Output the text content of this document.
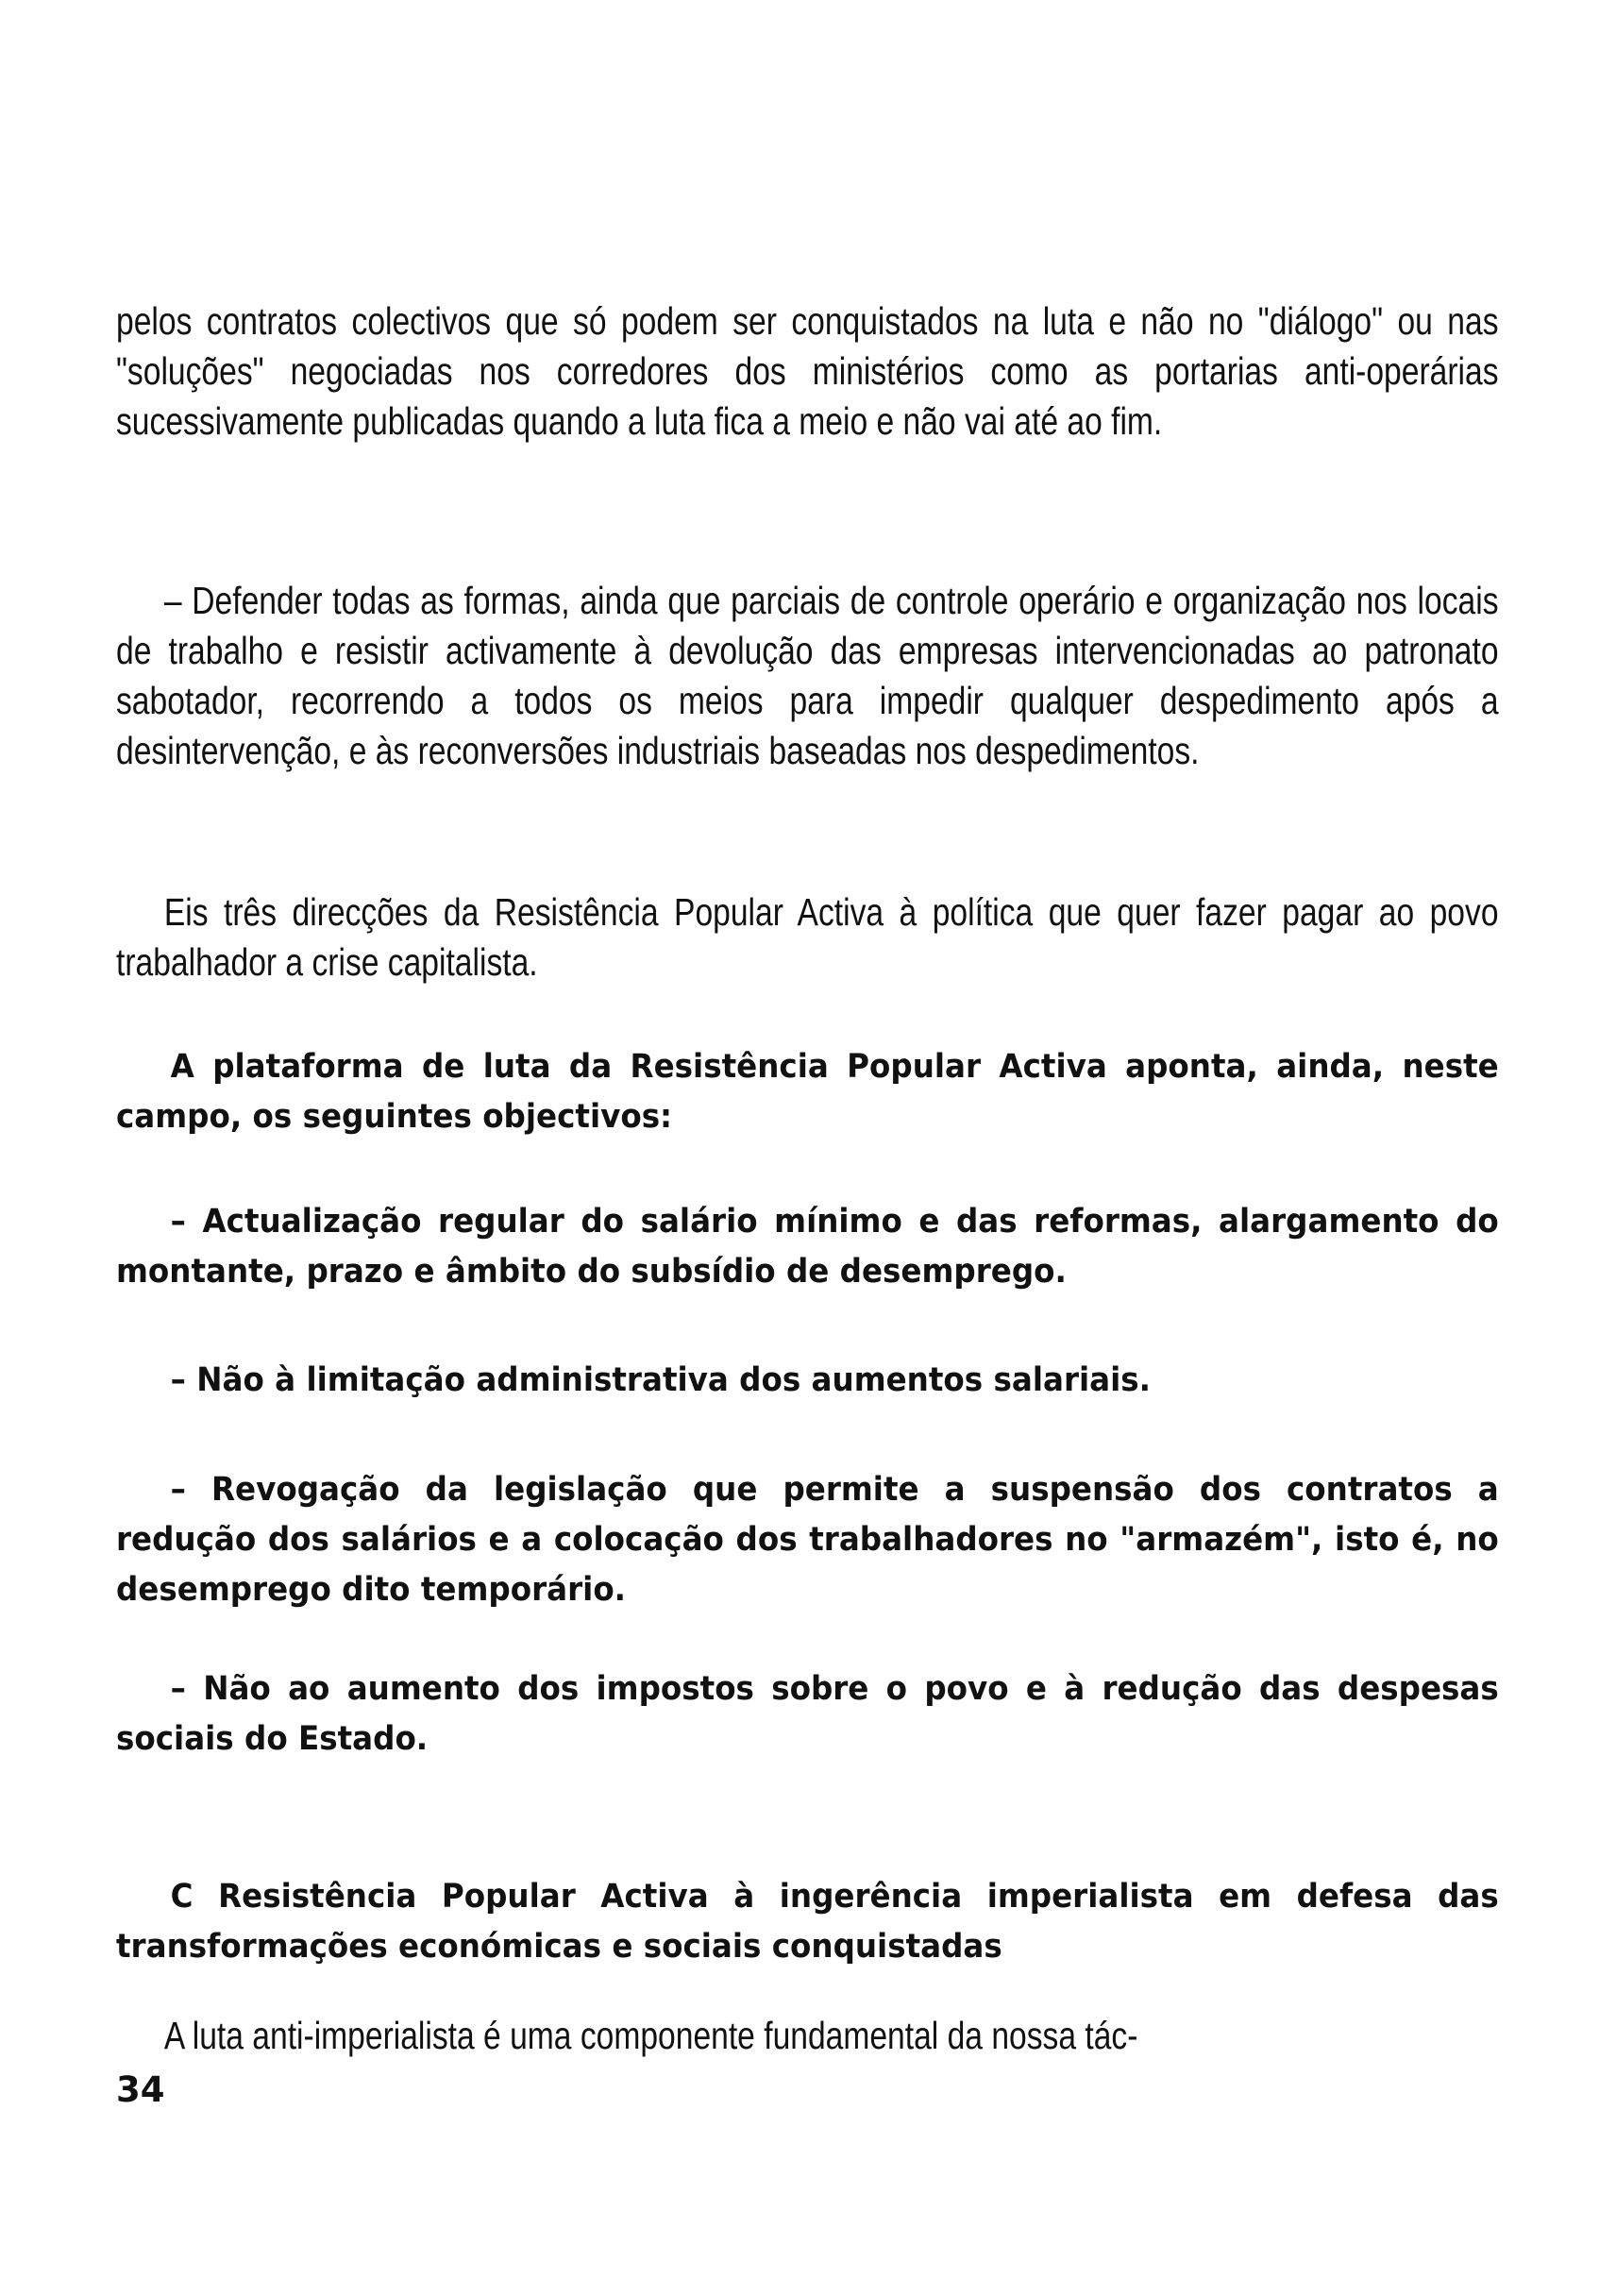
pelos contratos colectivos que só podem ser conquistados na luta e não no "diálogo" ou nas "soluções" negociadas nos corredores dos ministérios como as portarias anti-operárias sucessivamente publicadas quando a luta fica a meio e não vai até ao fim.

– Defender todas as formas, ainda que parciais de controle operário e organização nos locais de trabalho e resistir activamente à devolução das empresas intervencionadas ao patronato sabotador, recorrendo a todos os meios para impedir qualquer despedimento após a desintervenção, e às reconversões industriais baseadas nos despedimentos.

Eis três direcções da Resistência Popular Activa à política que quer fazer pagar ao povo trabalhador a crise capitalista.

A plataforma de luta da Resistência Popular Activa aponta, ainda, neste campo, os seguintes objectivos:

– Actualização regular do salário mínimo e das reformas, alargamento do montante, prazo e âmbito do subsídio de desemprego.

– Não à limitação administrativa dos aumentos salariais.

– Revogação da legislação que permite a suspensão dos contratos a redução dos salários e a colocação dos trabalhadores no "armazém", isto é, no desemprego dito temporário.

– Não ao aumento dos impostos sobre o povo e à redução das despesas sociais do Estado.

C Resistência Popular Activa à ingerência imperialista em defesa das transformações económicas e sociais conquistadas

A luta anti-imperialista é uma componente fundamental da nossa tác-

34
